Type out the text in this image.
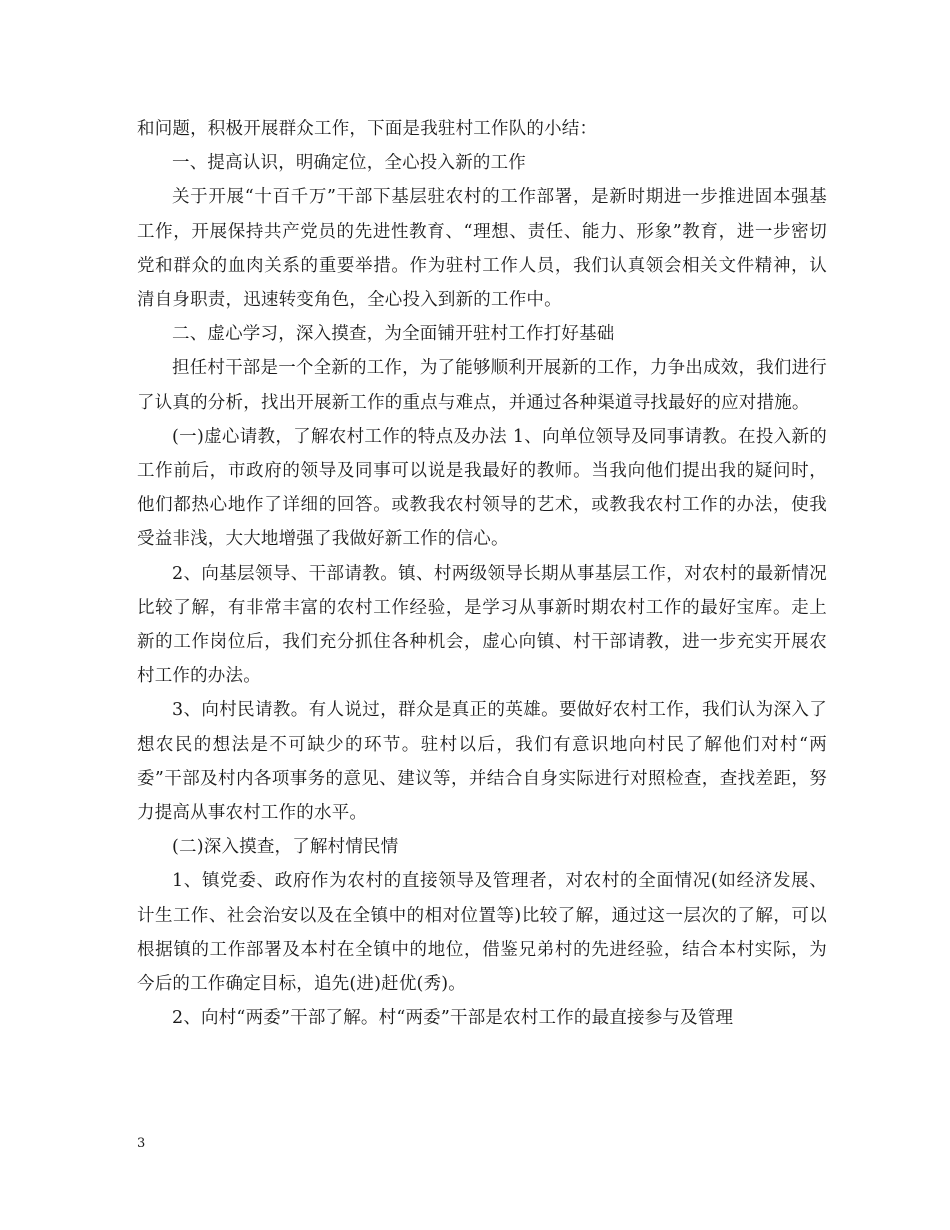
和问题，积极开展群众工作，下面是我驻村工作队的小结：

一、提高认识，明确定位，全心投入新的工作

关于开展“十百千万”干部下基层驻农村的工作部署，是新时期进一步推进固本强基工作，开展保持共产党员的先进性教育、“理想、责任、能力、形象”教育，进一步密切党和群众的血肉关系的重要举措。作为驻村工作人员，我们认真领会相关文件精神，认清自身职责，迅速转变角色，全心投入到新的工作中。

二、虚心学习，深入摸查，为全面铺开驻村工作打好基础

担任村干部是一个全新的工作，为了能够顺利开展新的工作，力争出成效，我们进行了认真的分析，找出开展新工作的重点与难点，并通过各种渠道寻找最好的应对措施。

(一)虚心请教，了解农村工作的特点及办法 1、向单位领导及同事请教。在投入新的工作前后，市政府的领导及同事可以说是我最好的教师。当我向他们提出我的疑问时，他们都热心地作了详细的回答。或教我农村领导的艺术，或教我农村工作的办法，使我受益非浅，大大地增强了我做好新工作的信心。

2、向基层领导、干部请教。镇、村两级领导长期从事基层工作，对农村的最新情况比较了解，有非常丰富的农村工作经验，是学习从事新时期农村工作的最好宝库。走上新的工作岗位后，我们充分抓住各种机会，虚心向镇、村干部请教，进一步充实开展农村工作的办法。

3、向村民请教。有人说过，群众是真正的英雄。要做好农村工作，我们认为深入了想农民的想法是不可缺少的环节。驻村以后，我们有意识地向村民了解他们对村“两委”干部及村内各项事务的意见、建议等，并结合自身实际进行对照检查，查找差距，努力提高从事农村工作的水平。

(二)深入摸查，了解村情民情

1、镇党委、政府作为农村的直接领导及管理者，对农村的全面情况(如经济发展、计生工作、社会治安以及在全镇中的相对位置等)比较了解，通过这一层次的了解，可以根据镇的工作部署及本村在全镇中的地位，借鉴兄弟村的先进经验，结合本村实际，为今后的工作确定目标，追先(进)赶优(秀)。

2、向村“两委”干部了解。村“两委”干部是农村工作的最直接参与及管理

3
